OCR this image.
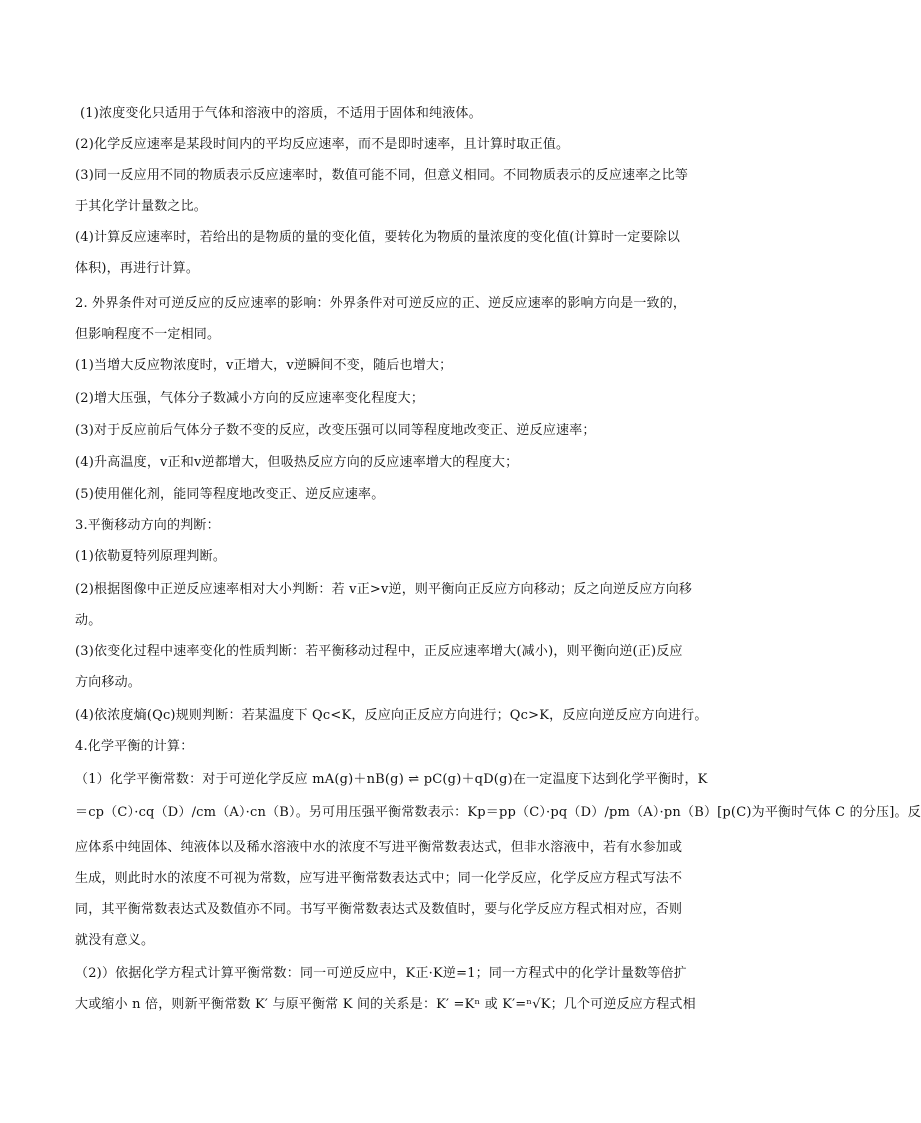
(1)浓度变化只适用于气体和溶液中的溶质，不适用于固体和纯液体。

(2)化学反应速率是某段时间内的平均反应速率，而不是即时速率，且计算时取正值。

(3)同一反应用不同的物质表示反应速率时，数值可能不同，但意义相同。不同物质表示的反应速率之比等

于其化学计量数之比。

(4)计算反应速率时，若给出的是物质的量的变化值，要转化为物质的量浓度的变化值(计算时一定要除以

体积)，再进行计算。

2. 外界条件对可逆反应的反应速率的影响：外界条件对可逆反应的正、逆反应速率的影响方向是一致的，

但影响程度不一定相同。

(1)当增大反应物浓度时，v正增大，v逆瞬间不变，随后也增大；

(2)增大压强，气体分子数减小方向的反应速率变化程度大；

(3)对于反应前后气体分子数不变的反应，改变压强可以同等程度地改变正、逆反应速率；

(4)升高温度，v正和v逆都增大，但吸热反应方向的反应速率增大的程度大；

(5)使用催化剂，能同等程度地改变正、逆反应速率。

3.平衡移动方向的判断：

(1)依勒夏特列原理判断。

(2)根据图像中正逆反应速率相对大小判断：若 v正>v逆，则平衡向正反应方向移动；反之向逆反应方向移

动。

(3)依变化过程中速率变化的性质判断：若平衡移动过程中，正反应速率增大(减小)，则平衡向逆(正)反应

方向移动。

(4)依浓度熵(Qc)规则判断：若某温度下 Qc<K，反应向正反应方向进行；Qc>K，反应向逆反应方向进行。

4.化学平衡的计算：

（1）化学平衡常数：对于可逆化学反应 mA(g)＋nB(g) ⇌ pC(g)＋qD(g)在一定温度下达到化学平衡时，K

＝cp（C）·cq（D）/cm（A）·cn（B）。另可用压强平衡常数表示：Kp＝pp（C）·pq（D）/pm（A）·pn（B）[p(C)为平衡时气体 C 的分压]。反

应体系中纯固体、纯液体以及稀水溶液中水的浓度不写进平衡常数表达式，但非水溶液中，若有水参加或

生成，则此时水的浓度不可视为常数，应写进平衡常数表达式中；同一化学反应，化学反应方程式写法不

同，其平衡常数表达式及数值亦不同。书写平衡常数表达式及数值时，要与化学反应方程式相对应，否则

就没有意义。

（2)）依据化学方程式计算平衡常数：同一可逆反应中，K正·K逆=1；同一方程式中的化学计量数等倍扩

大或缩小 n 倍，则新平衡常数 K′ 与原平衡常 K 间的关系是：K′ =Kⁿ 或 K′=ⁿ√K；几个可逆反应方程式相
